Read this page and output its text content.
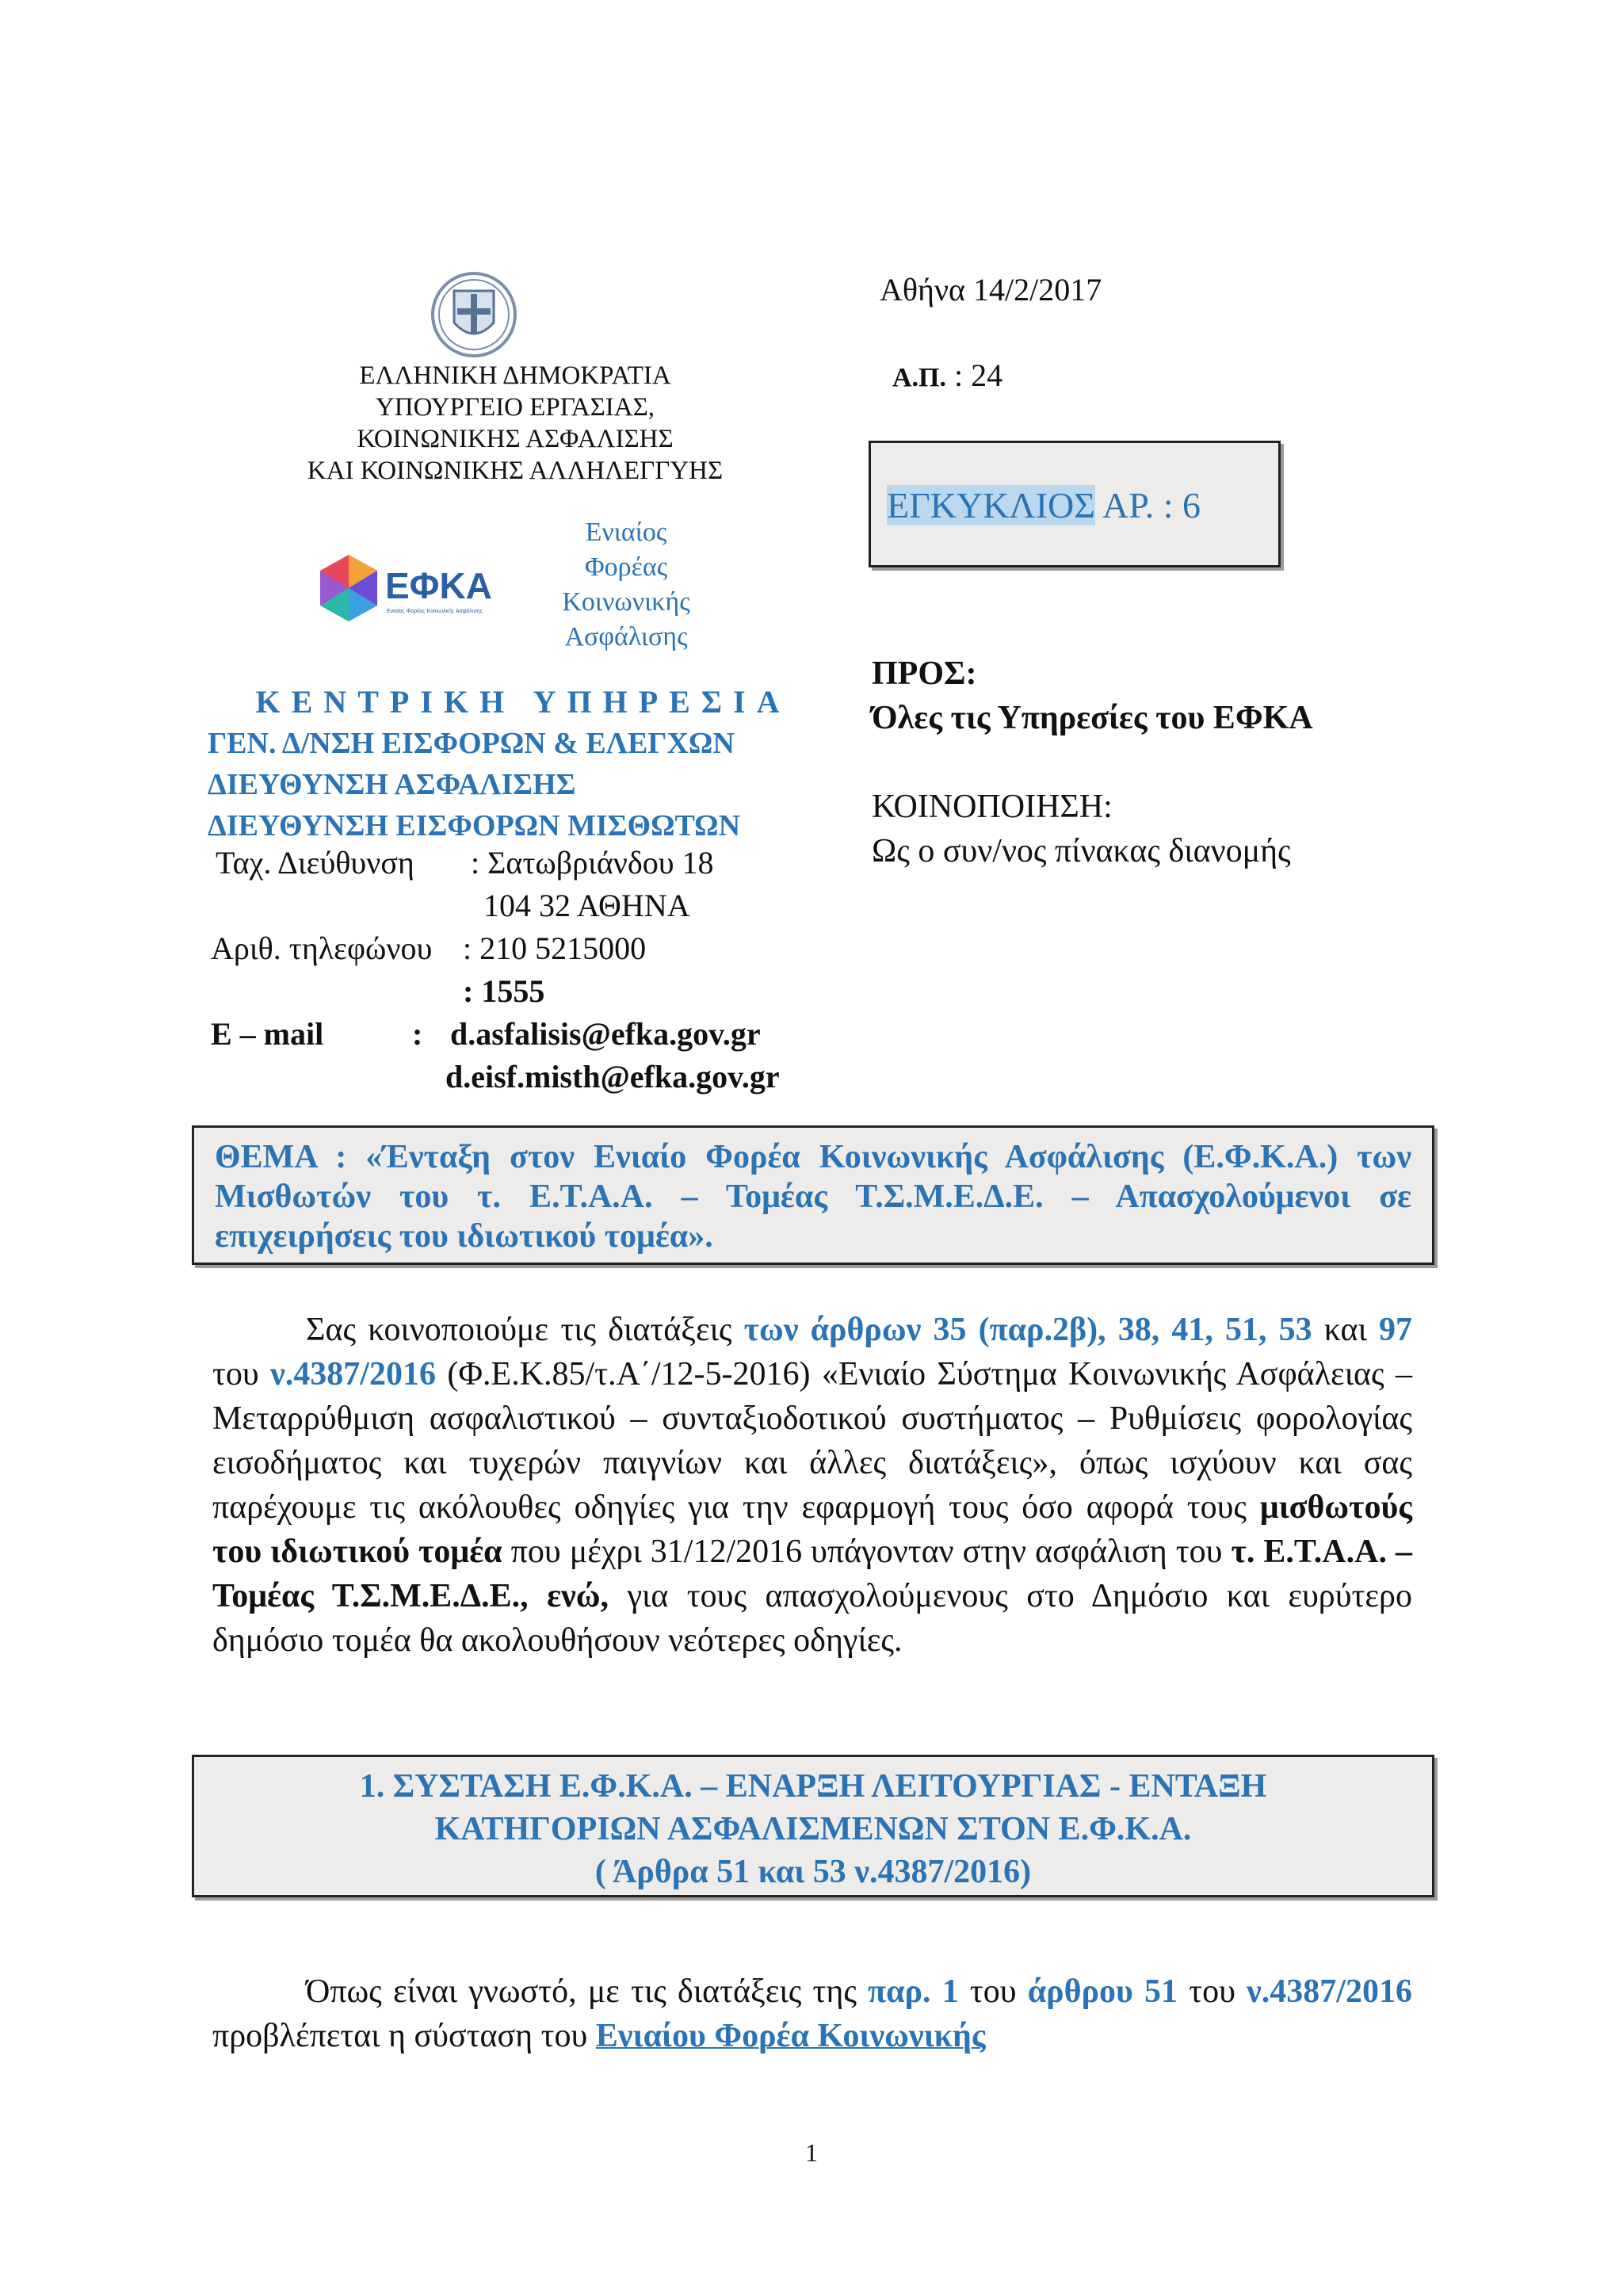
ΕΛΛΗΝΙΚΗ ΔΗΜΟΚΡΑΤΙΑ
ΥΠΟΥΡΓΕΙΟ ΕΡΓΑΣΙΑΣ,
ΚΟΙΝΩΝΙΚΗΣ ΑΣΦΑΛΙΣΗΣ
ΚΑΙ ΚΟΙΝΩΝΙΚΗΣ ΑΛΛΗΛΕΓΓΥΗΣ
ΕΦΚΑ
Ενιαίος Φορέας Κοινωνικής Ασφάλισης
Ενιαίος
Φορέας
Κοινωνικής
Ασφάλισης
ΚΕΝΤΡΙΚΗ ΥΠΗΡΕΣΙΑ
ΓΕΝ. Δ/ΝΣΗ ΕΙΣΦΟΡΩΝ & ΕΛΕΓΧΩΝ
ΔΙΕΥΘΥΝΣΗ ΑΣΦΑΛΙΣΗΣ
ΔΙΕΥΘΥΝΣΗ ΕΙΣΦΟΡΩΝ ΜΙΣΘΩΤΩΝ
Ταχ. Διεύθυνση : Σατωβριάνδου 18
104 32 ΑΘΗΝΑ
Αριθ. τηλεφώνου : 210 5215000
: 1555
E – mail	: d.asfalisis@efka.gov.gr
d.eisf.misth@efka.gov.gr
Αθήνα 14/2/2017
Α.Π. : 24
ΕΓΚΥΚΛΙΟΣ ΑΡ. : 6
ΠΡΟΣ:
Όλες τις Υπηρεσίες του ΕΦΚΑ
ΚΟΙΝΟΠΟΙΗΣΗ:
Ως ο συν/νος πίνακας διανομής
ΘΕΜΑ : «Ένταξη στον Ενιαίο Φορέα Κοινωνικής Ασφάλισης (Ε.Φ.Κ.Α.) των Μισθωτών του τ. Ε.Τ.Α.Α. – Τομέας Τ.Σ.Μ.Ε.Δ.Ε. – Απασχολούμενοι σε επιχειρήσεις του ιδιωτικού τομέα».
Σας κοινοποιούμε τις διατάξεις των άρθρων 35 (παρ.2β), 38, 41, 51, 53 και 97 του ν.4387/2016 (Φ.Ε.Κ.85/τ.Α΄/12-5-2016) «Ενιαίο Σύστημα Κοινωνικής Ασφάλειας – Μεταρρύθμιση ασφαλιστικού – συνταξιοδοτικού συστήματος – Ρυθμίσεις φορολογίας εισοδήματος και τυχερών παιγνίων και άλλες διατάξεις», όπως ισχύουν και σας παρέχουμε τις ακόλουθες οδηγίες για την εφαρμογή τους όσο αφορά τους μισθωτούς του ιδιωτικού τομέα που μέχρι 31/12/2016 υπάγονταν στην ασφάλιση του τ. Ε.Τ.Α.Α. – Τομέας Τ.Σ.Μ.Ε.Δ.Ε., ενώ, για τους απασχολούμενους στο Δημόσιο και ευρύτερο δημόσιο τομέα θα ακολουθήσουν νεότερες οδηγίες.
1. ΣΥΣΤΑΣΗ Ε.Φ.Κ.Α. – ΕΝΑΡΞΗ ΛΕΙΤΟΥΡΓΙΑΣ - ΕΝΤΑΞΗ
ΚΑΤΗΓΟΡΙΩΝ ΑΣΦΑΛΙΣΜΕΝΩΝ ΣΤΟΝ Ε.Φ.Κ.Α.
( Άρθρα 51 και 53 ν.4387/2016)
Όπως είναι γνωστό, με τις διατάξεις της παρ. 1 του άρθρου 51 του ν.4387/2016 προβλέπεται η σύσταση του Ενιαίου Φορέα Κοινωνικής
1
